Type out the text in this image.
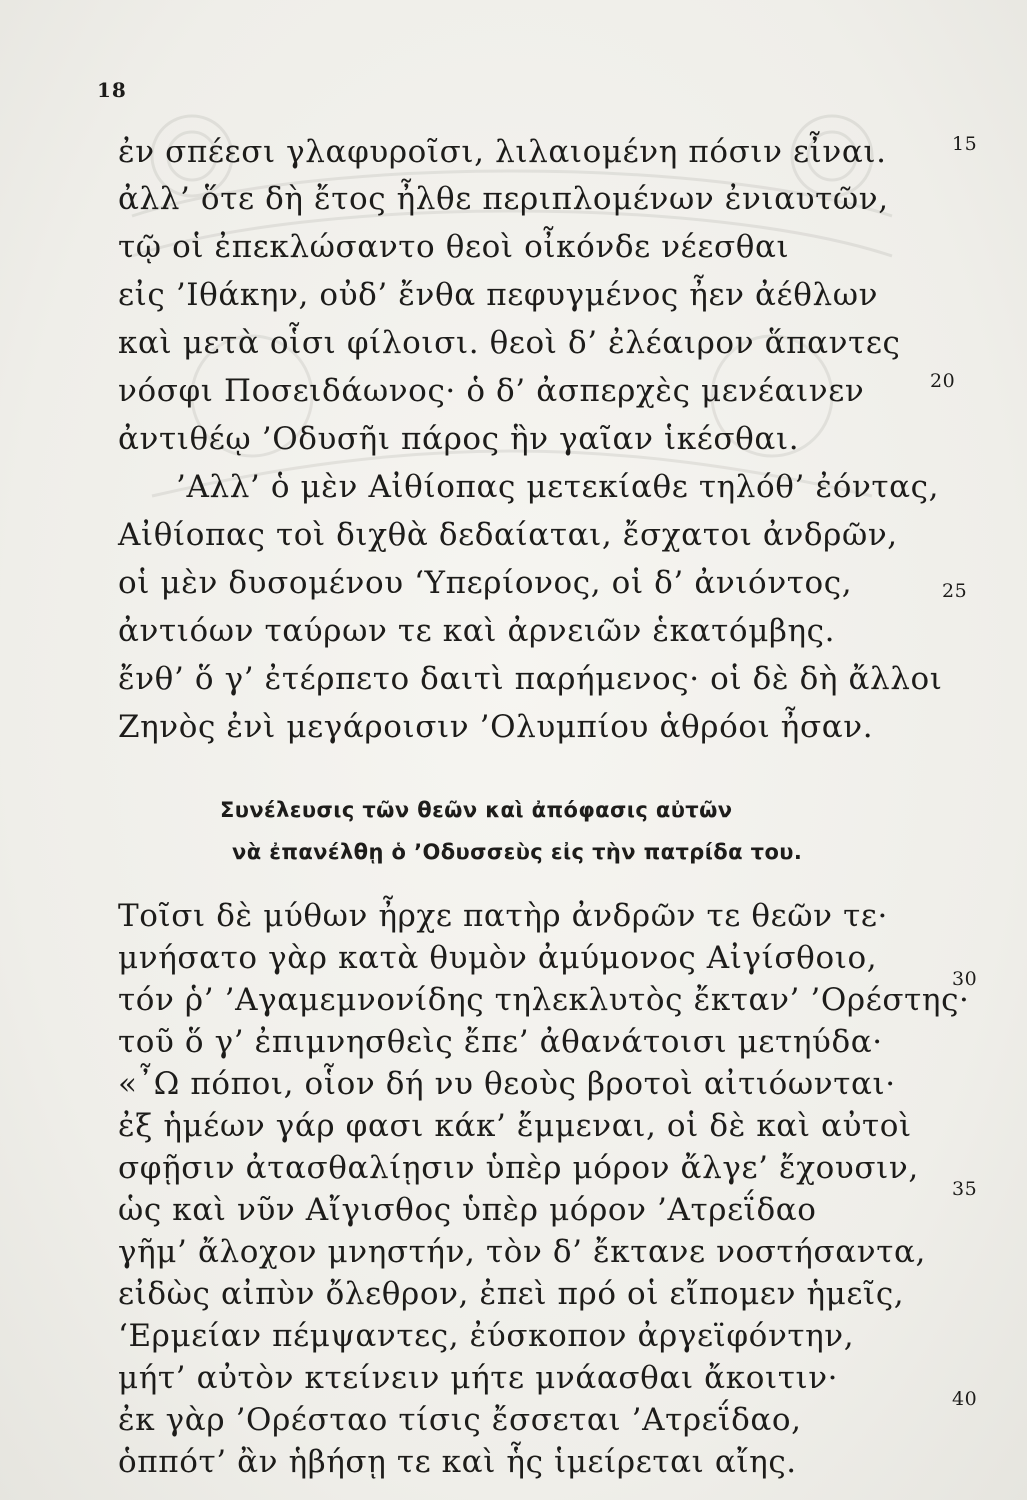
18
ἐν σπέεσι γλαφυροῖσι, λιλαιομένη πόσιν εἶναι.	15
ἀλλ’ ὅτε δὴ ἔτος ἦλθε περιπλομένων ἐνιαυτῶν,
τῷ οἱ ἐπεκλώσαντο θεοὶ οἶκόνδε νέεσθαι
εἰς ’Ιθάκην, οὐδ’ ἔνθα πεφυγμένος ἦεν ἀέθλων
καὶ μετὰ οἷσι φίλοισι. θεοὶ δ’ ἐλέαιρον ἅπαντες
νόσφι Ποσειδάωνος· ὁ δ’ ἀσπερχὲς μενέαινεν	20
ἀντιθέῳ ’Οδυσῆι πάρος ἣν γαῖαν ἱκέσθαι.
’Αλλ’ ὁ μὲν Αἰθίοπας μετεκίαθε τηλόθ’ ἐόντας,
Αἰθίοπας τοὶ διχθὰ δεδαίαται, ἔσχατοι ἀνδρῶν,
οἱ μὲν δυσομένου ‘Υπερίονος, οἱ δ’ ἀνιόντος,
ἀντιόων ταύρων τε καὶ ἀρνειῶν ἑκατόμβης.
25
ἔνθ’ ὅ γ’ ἐτέρπετο δαιτὶ παρήμενος· οἱ δὲ δὴ ἄλλοι
Ζηνὸς ἐνὶ μεγάροισιν ’Ολυμπίου ἁθρόοι ἦσαν.
Συνέλευσις τῶν θεῶν καὶ ἀπόφασις αὐτῶν
νὰ ἐπανέλθῃ ὁ ’Οδυσσεὺς εἰς τὴν πατρίδα του.
Τοῖσι δὲ μύθων ἦρχε πατὴρ ἀνδρῶν τε θεῶν τε·
μνήσατο γὰρ κατὰ θυμὸν ἀμύμονος Αἰγίσθοιο,
τόν ῥ’ ’Αγαμεμνονίδης τηλεκλυτὸς ἔκταν’ ’Ορέστης·
30
τοῦ ὅ γ’ ἐπιμνησθεὶς ἔπε’ ἀθανάτοισι μετηύδα·
«῏Ω πόποι, οἷον δή νυ θεοὺς βροτοὶ αἰτιόωνται·
ἐξ ἡμέων γάρ φασι κάκ’ ἔμμεναι, οἱ δὲ καὶ αὐτοὶ
σφῇσιν ἀτασθαλίῃσιν ὑπὲρ μόρον ἄλγε’ ἔχουσιν,
ὡς καὶ νῦν Αἴγισθος ὑπὲρ μόρον ’Ατρεΐδαο
35
γῆμ’ ἄλοχον μνηστήν, τὸν δ’ ἔκτανε νοστήσαντα,
εἰδὼς αἰπὺν ὄλεθρον, ἐπεὶ πρό οἱ εἴπομεν ἡμεῖς,
‘Ερμείαν πέμψαντες, ἐύσκοπον ἀργεϊφόντην,
μήτ’ αὐτὸν κτείνειν μήτε μνάασθαι ἄκοιτιν·
ἐκ γὰρ ’Ορέσταο τίσις ἔσσεται ’Ατρεΐδαο,
40
ὁππότ’ ἂν ἡβήσῃ τε καὶ ἧς ἱμείρεται αἴης.
